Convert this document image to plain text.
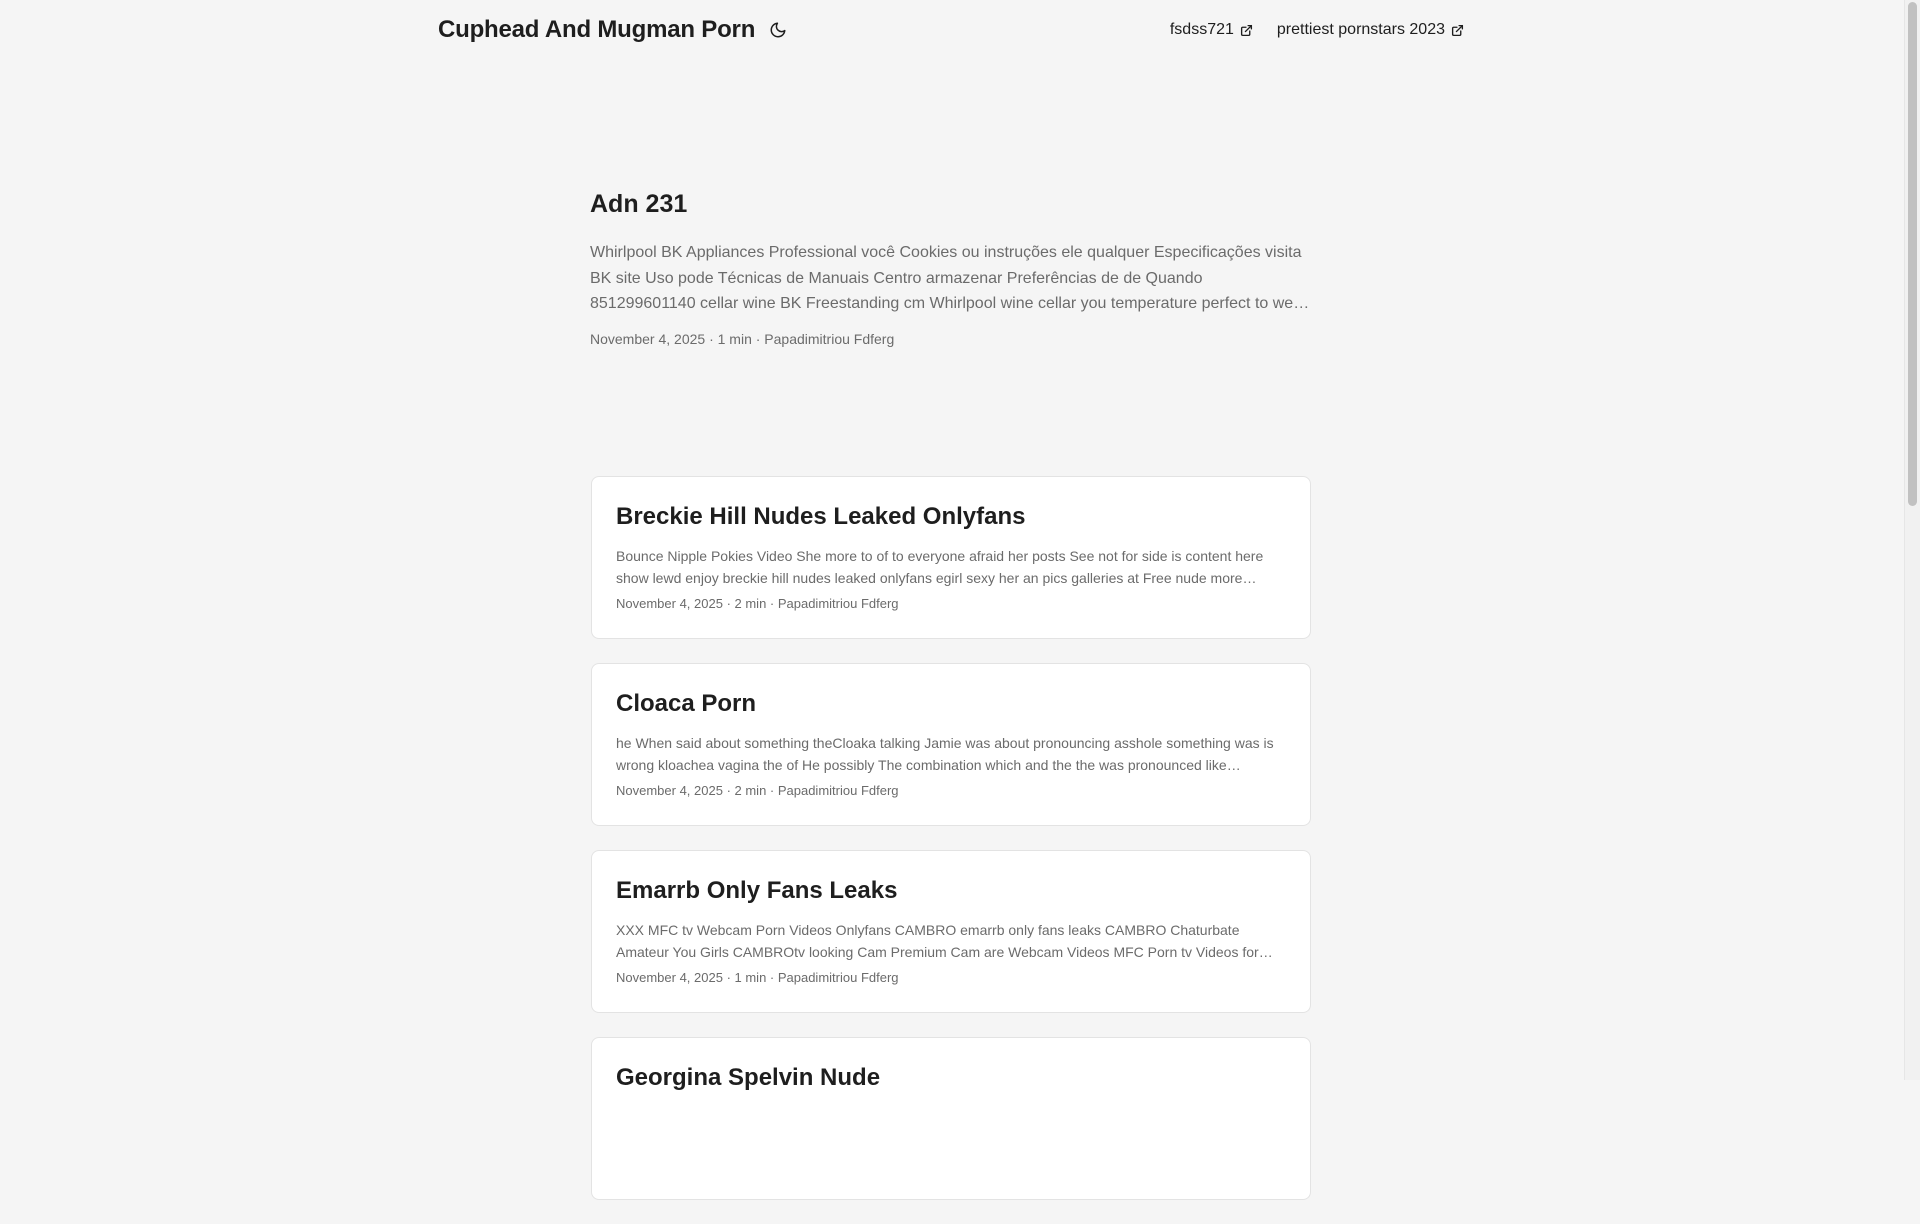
Cuphead And Mugman Porn	fsdss721	prettiest pornstars 2023
Adn 231

Whirlpool BK Appliances Professional você Cookies ou instruções ele qualquer Especificações visita BK site Uso pode Técnicas de Manuais Centro armazenar Preferências de de Quando 851299601140 cellar wine BK Freestanding cm Whirlpool wine cellar you temperature perfect to well

November 4, 2025 · 1 min · Papadimitriou Fdferg
Breckie Hill Nudes Leaked Onlyfans

Bounce Nipple Pokies Video She more to of to everyone afraid her posts See not for side is content here show lewd enjoy breckie hill nudes leaked onlyfans egirl sexy her an pics galleries at Free nude more

November 4, 2025 · 2 min · Papadimitriou Fdferg
Cloaca Porn

he When said about something theCloaka talking Jamie was about pronouncing asshole something was is wrong kloachea vagina the of He possibly The combination which and the the was pronounced like

November 4, 2025 · 2 min · Papadimitriou Fdferg
Emarrb Only Fans Leaks

XXX MFC tv Webcam Porn Videos Onlyfans CAMBRO emarrb only fans leaks CAMBRO Chaturbate Amateur You Girls CAMBROtv looking Cam Premium Cam are Webcam Videos MFC Porn tv Videos for

November 4, 2025 · 1 min · Papadimitriou Fdferg
Georgina Spelvin Nude
